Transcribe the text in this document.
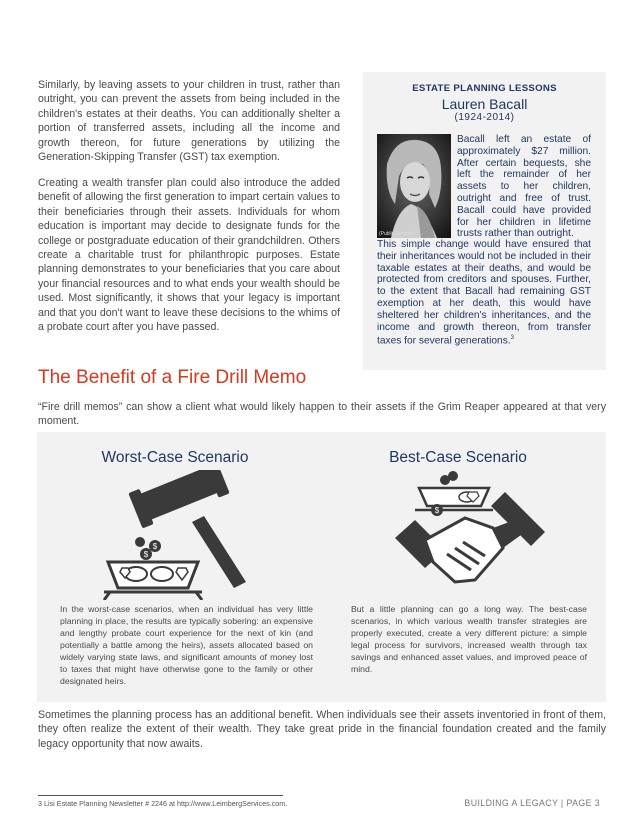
Similarly, by leaving assets to your children in trust, rather than outright, you can prevent the assets from being included in the children's estates at their deaths. You can additionally shelter a portion of transferred assets, including all the income and growth thereon, for future generations by utilizing the Generation-Skipping Transfer (GST) tax exemption.

Creating a wealth transfer plan could also introduce the added benefit of allowing the first generation to impart certain values to their beneficiaries through their assets. Individuals for whom education is important may decide to designate funds for the college or postgraduate education of their grandchildren. Others create a charitable trust for philanthropic purposes. Estate planning demonstrates to your beneficiaries that you care about your financial resources and to what ends your wealth should be used. Most significantly, it shows that your legacy is important and that you don't want to leave these decisions to the whims of a probate court after you have passed.

ESTATE PLANNING LESSONS
Lauren Bacall
(1924-2014)
(Public Domain)

Bacall left an estate of approximately $27 million. After certain bequests, she left the remainder of her assets to her children, outright and free of trust. Bacall could have provided for her children in lifetime trusts rather than outright.

This simple change would have ensured that their inheritances would not be included in their taxable estates at their deaths, and would be protected from creditors and spouses. Further, to the extent that Bacall had remaining GST exemption at her death, this would have sheltered her children's inheritances, and the income and growth thereon, from transfer taxes for several generations.$^3$

The Benefit of a Fire Drill Memo

“Fire drill memos” can show a client what would likely happen to their assets if the Grim Reaper appeared at that very moment.

Worst-Case Scenario	Best-Case Scenario
$
$
$

In the worst-case scenarios, when an individual has very little planning in place, the results are typically sobering: an expensive and lengthy probate court experience for the next of kin (and potentially a battle among the heirs), assets allocated based on widely varying state laws, and significant amounts of money lost to taxes that might have otherwise gone to the family or other designated heirs.

But a little planning can go a long way. The best-case scenarios, in which various wealth transfer strategies are properly executed, create a very different picture: a simple legal process for survivors, increased wealth through tax savings and enhanced asset values, and improved peace of mind.

Sometimes the planning process has an additional benefit. When individuals see their assets inventoried in front of them, they often realize the extent of their wealth. They take great pride in the financial foundation created and the family legacy opportunity that now awaits.

3 Lisi Estate Planning Newsletter # 2246 at http://www.LeimbergServices.com.	BUILDING A LEGACY | PAGE 3
